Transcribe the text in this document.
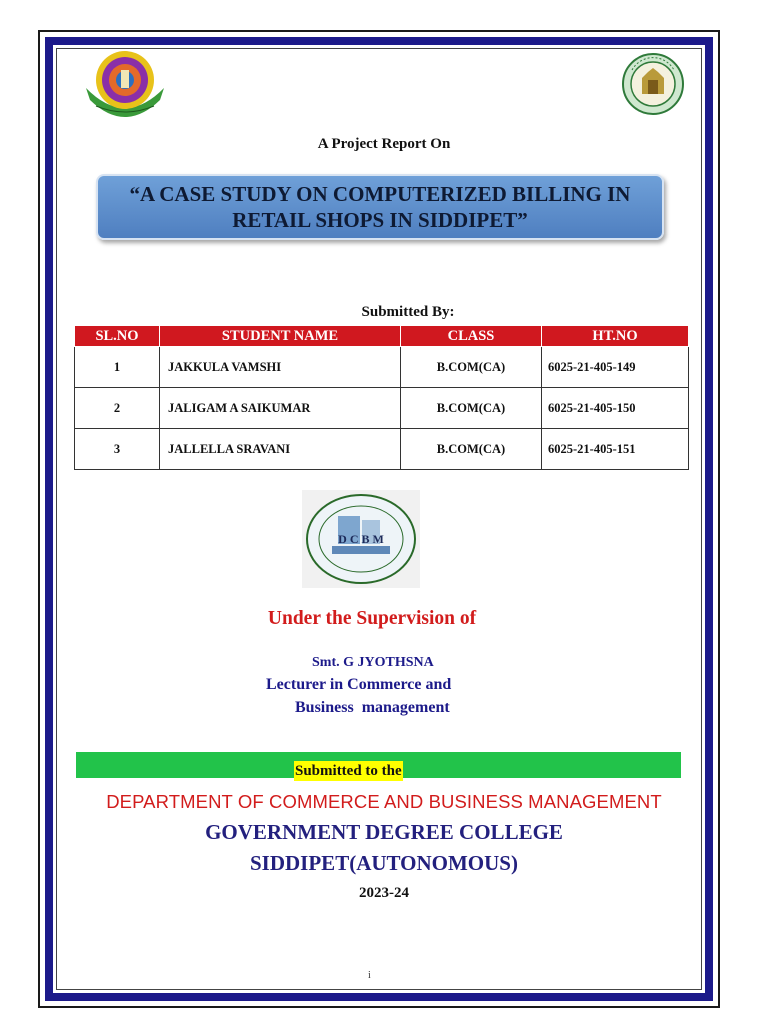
A Project Report On
“A CASE STUDY ON COMPUTERIZED BILLING IN
RETAIL SHOPS IN SIDDIPET”
Submitted By:
SL.NO	STUDENT NAME	CLASS	HT.NO
1	JAKKULA VAMSHI	B.COM(CA)	6025-21-405-149
2	JALIGAM A SAIKUMAR	B.COM(CA)	6025-21-405-150
3	JALLELLA SRAVANI	B.COM(CA)	6025-21-405-151
D C B M
Under the Supervision of
Smt. G JYOTHSNA
Lecturer in Commerce and
Business  management
Submitted to the
DEPARTMENT OF COMMERCE AND BUSINESS MANAGEMENT
GOVERNMENT DEGREE COLLEGE
SIDDIPET(AUTONOMOUS)
2023-24
i
